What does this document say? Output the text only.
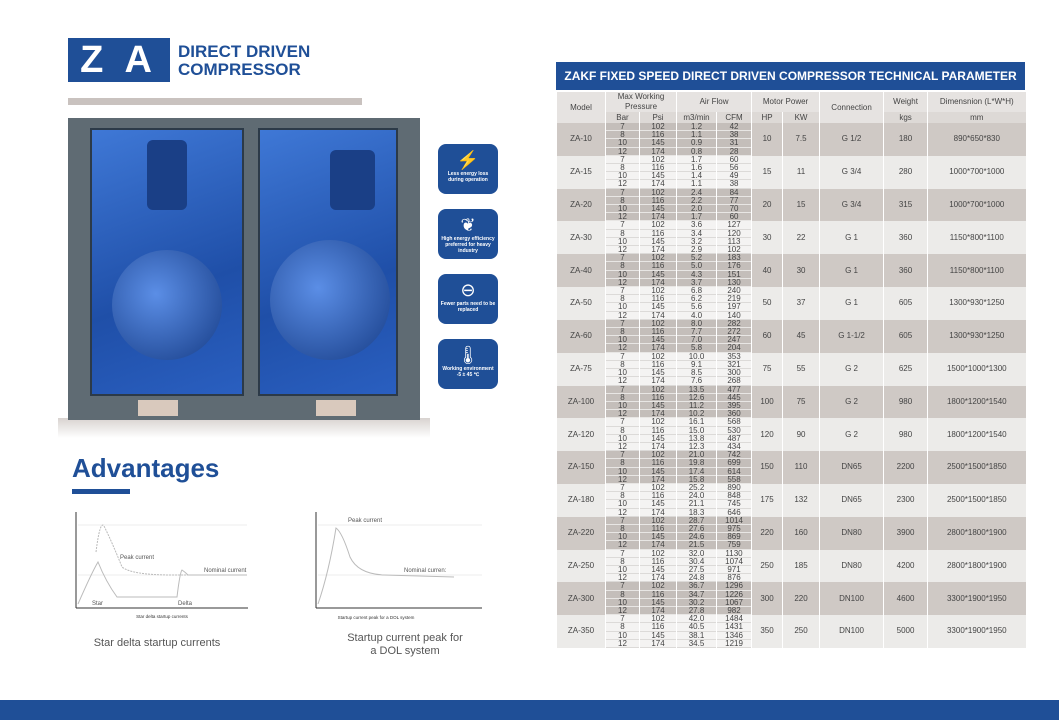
Z A	DIRECT DRIVEN
COMPRESSOR
⚡
Less energy loss during operation
❦
High energy efficiency preferred for heavy industry
⊖
Fewer parts need to be replaced
🌡
Working environment -5 ± 45 ℃
Advantages
Peak current
Nominal current
Star	Delta
Star delta startup currents
Star delta startup currents
Peak current
Nominal curren:
Startup current peak for a DOL system
Startup current peak for
a DOL system
ZAKF FIXED SPEED DIRECT DRIVEN COMPRESSOR TECHNICAL PARAMETER
Model	Max Working Pressure		Air Flow		Motor Power		Connection	Weight	Dimensnion (L*W*H)
	Bar	Psi	m3/min	CFM	HP	KW		kgs	mm
ZA-10	7	102	1.2	42	10	7.5	G 1/2	180	890*650*830
	8	116	1.1	38					
	10	145	0.9	31					
	12	174	0.8	28					
ZA-15	7	102	1.7	60	15	11	G 3/4	280	1000*700*1000
	8	116	1.6	56					
	10	145	1.4	49					
	12	174	1.1	38					
ZA-20	7	102	2.4	84	20	15	G 3/4	315	1000*700*1000
	8	116	2.2	77					
	10	145	2.0	70					
	12	174	1.7	60					
ZA-30	7	102	3.6	127	30	22	G 1	360	1150*800*1100
	8	116	3.4	120					
	10	145	3.2	113					
	12	174	2.9	102					
ZA-40	7	102	5.2	183	40	30	G 1	360	1150*800*1100
	8	116	5.0	176					
	10	145	4.3	151					
	12	174	3.7	130					
ZA-50	7	102	6.8	240	50	37	G 1	605	1300*930*1250
	8	116	6.2	219					
	10	145	5.6	197					
	12	174	4.0	140					
ZA-60	7	102	8.0	282	60	45	G 1-1/2	605	1300*930*1250
	8	116	7.7	272					
	10	145	7.0	247					
	12	174	5.8	204					
ZA-75	7	102	10.0	353	75	55	G 2	625	1500*1000*1300
	8	116	9.1	321					
	10	145	8.5	300					
	12	174	7.6	268					
ZA-100	7	102	13.5	477	100	75	G 2	980	1800*1200*1540
	8	116	12.6	445					
	10	145	11.2	395					
	12	174	10.2	360					
ZA-120	7	102	16.1	568	120	90	G 2	980	1800*1200*1540
	8	116	15.0	530					
	10	145	13.8	487					
	12	174	12.3	434					
ZA-150	7	102	21.0	742	150	110	DN65	2200	2500*1500*1850
	8	116	19.8	699					
	10	145	17.4	614					
	12	174	15.8	558					
ZA-180	7	102	25.2	890	175	132	DN65	2300	2500*1500*1850
	8	116	24.0	848					
	10	145	21.1	745					
	12	174	18.3	646					
ZA-220	7	102	28.7	1014	220	160	DN80	3900	2800*1800*1900
	8	116	27.6	975					
	10	145	24.6	869					
	12	174	21.5	759					
ZA-250	7	102	32.0	1130	250	185	DN80	4200	2800*1800*1900
	8	116	30.4	1074					
	10	145	27.5	971					
	12	174	24.8	876					
ZA-300	7	102	36.7	1296	300	220	DN100	4600	3300*1900*1950
	8	116	34.7	1226					
	10	145	30.2	1067					
	12	174	27.8	982					
ZA-350	7	102	42.0	1484	350	250	DN100	5000	3300*1900*1950
	8	116	40.5	1431					
	10	145	38.1	1346					
	12	174	34.5	1219					
